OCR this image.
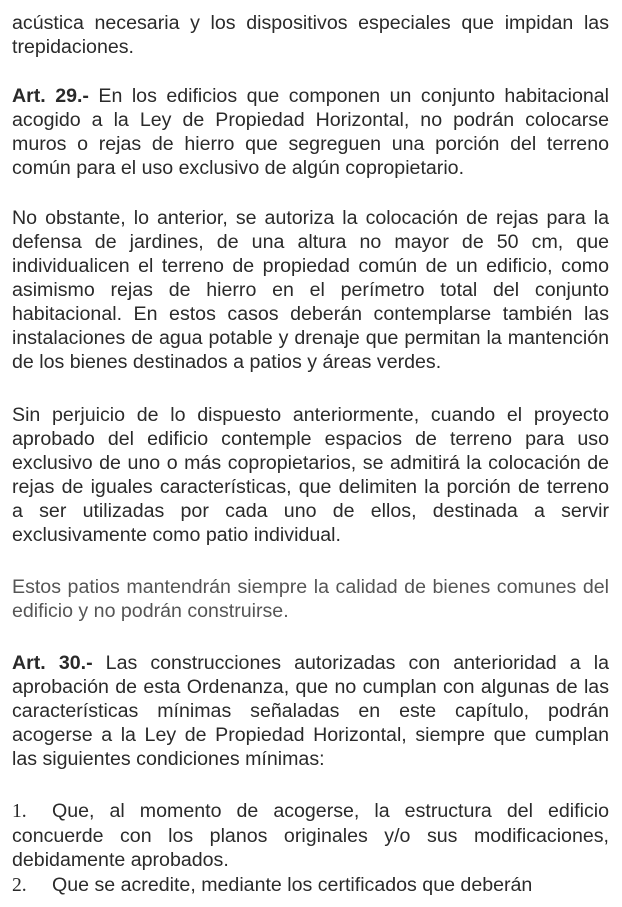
acústica necesaria y los dispositivos especiales que impidan las trepidaciones.

Art. 29.- En los edificios que componen un conjunto habitacional acogido a la Ley de Propiedad Horizontal, no podrán colocarse muros o rejas de hierro que segreguen una porción del terreno común para el uso exclusivo de algún copropietario.

No obstante, lo anterior, se autoriza la colocación de rejas para la defensa de jardines, de una altura no mayor de 50 cm, que individualicen el terreno de propiedad común de un edificio, como asimismo rejas de hierro en el perímetro total del conjunto habitacional. En estos casos deberán contemplarse también las instalaciones de agua potable y drenaje que permitan la mantención de los bienes destinados a patios y áreas verdes.

Sin perjuicio de lo dispuesto anteriormente, cuando el proyecto aprobado del edificio contemple espacios de terreno para uso exclusivo de uno o más copropietarios, se admitirá la colocación de rejas de iguales características, que delimiten la porción de terreno a ser utilizadas por cada uno de ellos, destinada a servir exclusivamente como patio individual.

Estos patios mantendrán siempre la calidad de bienes comunes del edificio y no podrán construirse.

Art. 30.- Las construcciones autorizadas con anterioridad a la aprobación de esta Ordenanza, que no cumplan con algunas de las características mínimas señaladas en este capítulo, podrán acogerse a la Ley de Propiedad Horizontal, siempre que cumplan las siguientes condiciones mínimas:

1. Que, al momento de acogerse, la estructura del edificio concuerde con los planos originales y/o sus modificaciones, debidamente aprobados.

2. Que se acredite, mediante los certificados que deberán
